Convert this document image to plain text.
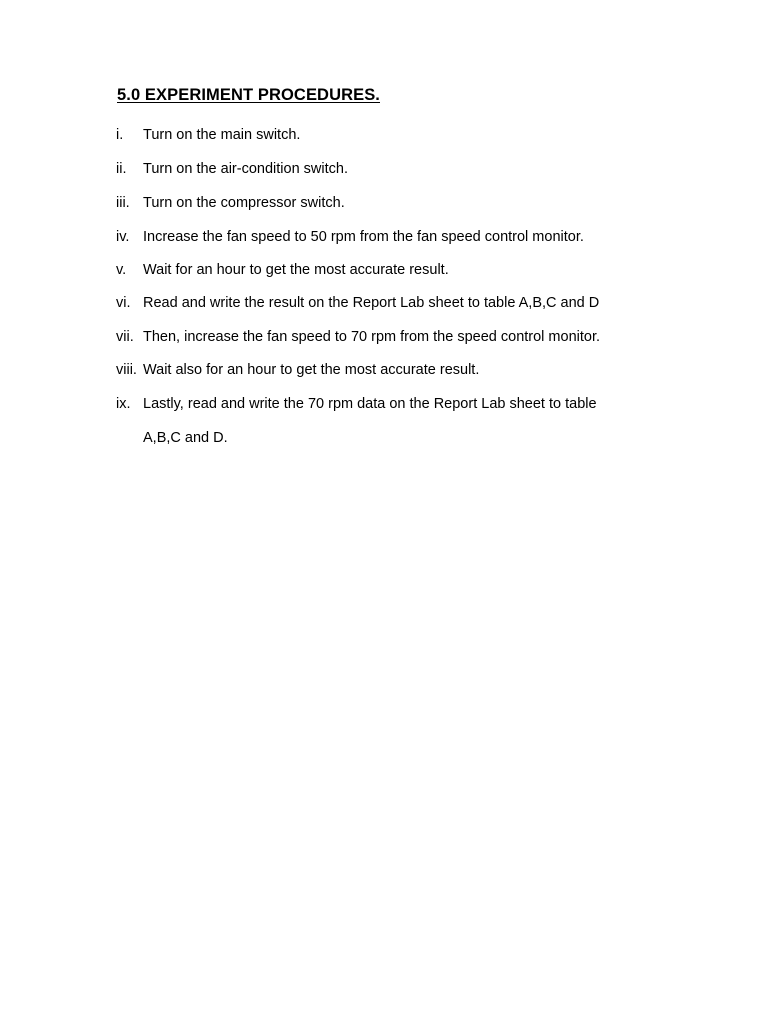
5.0 EXPERIMENT PROCEDURES.
i. Turn on the main switch.
ii. Turn on the air-condition switch.
iii. Turn on the compressor switch.
iv. Increase the fan speed to 50 rpm from the fan speed control monitor.
v. Wait for an hour to get the most accurate result.
vi. Read and write the result on the Report Lab sheet to table A,B,C and D
vii. Then, increase the fan speed to 70 rpm from the speed control monitor.
viii. Wait also for an hour to get the most accurate result.
ix. Lastly, read and write the 70 rpm data on the Report Lab sheet to table
A,B,C and D.
